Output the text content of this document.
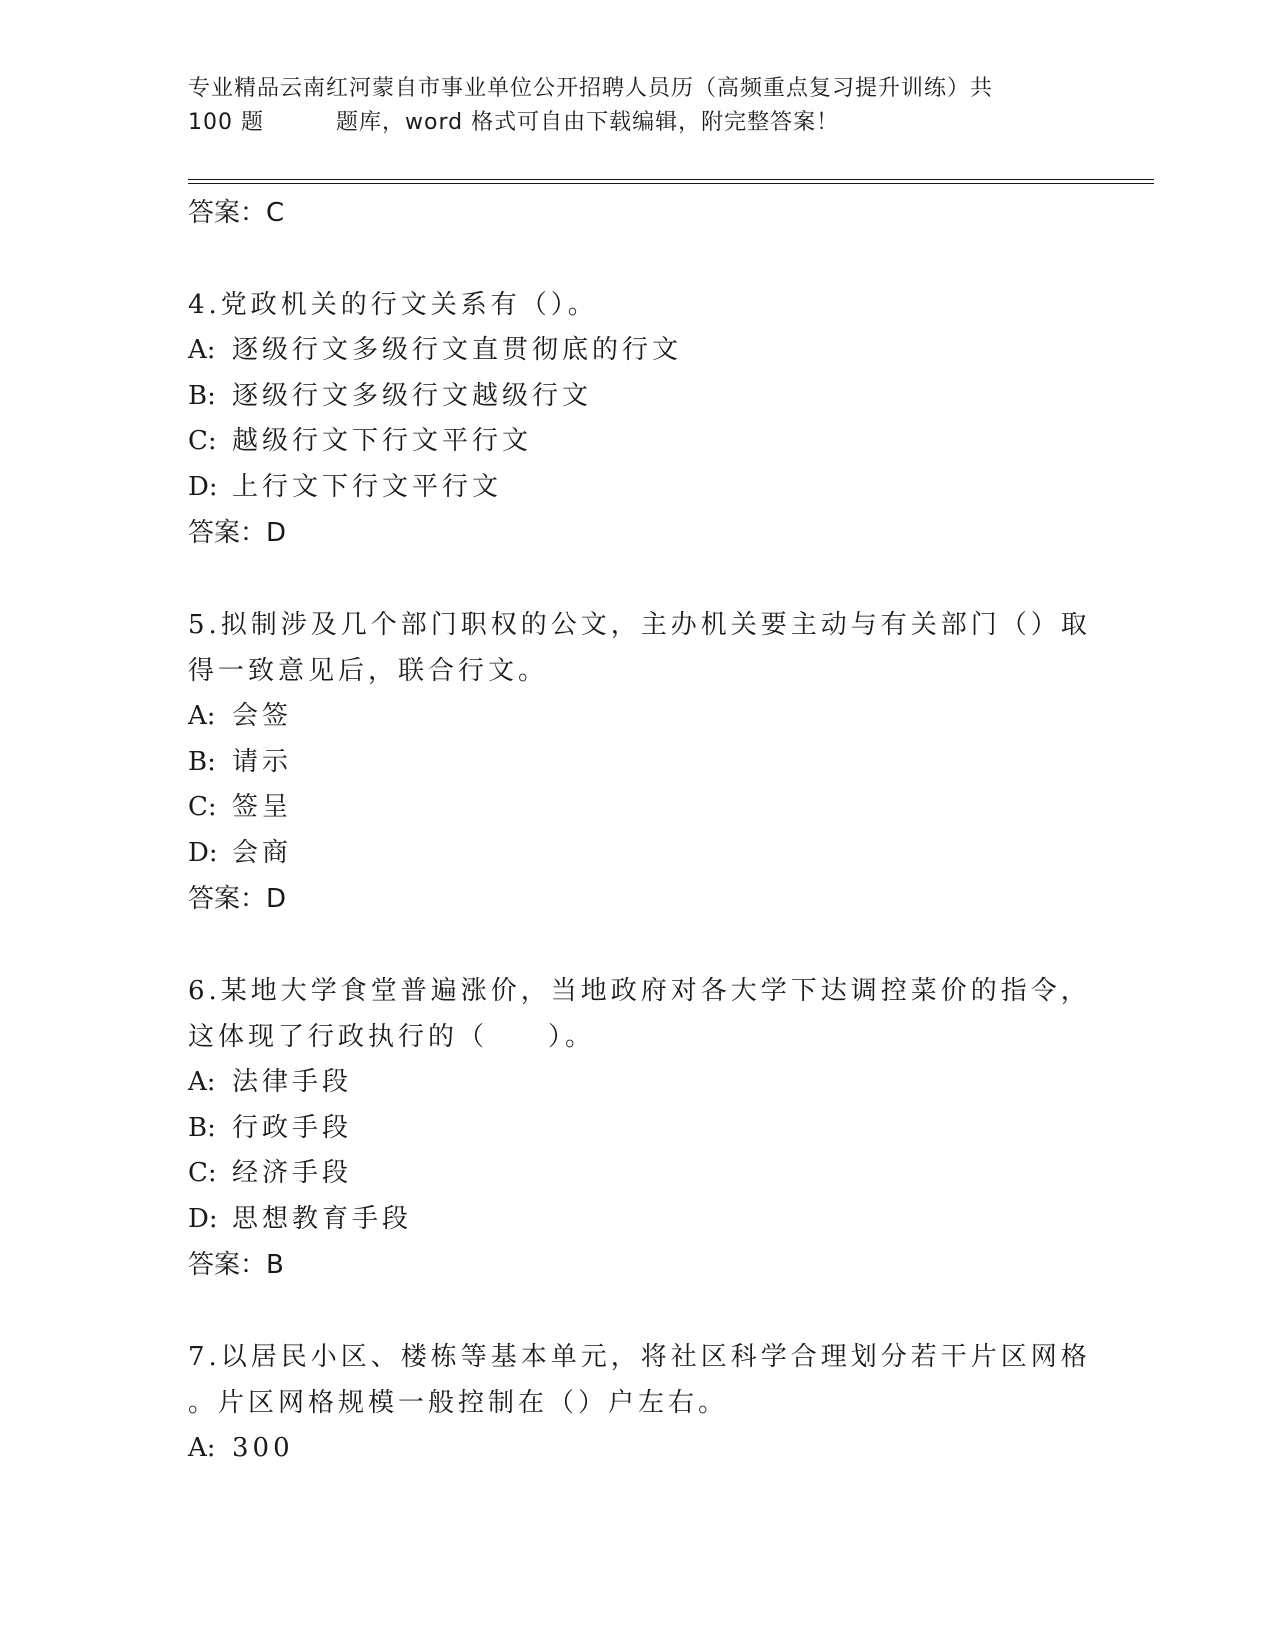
专业精品云南红河蒙自市事业单位公开招聘人员历（高频重点复习提升训练）共
100 题	题库，word 格式可自由下载编辑，附完整答案！
答案：C
4.党政机关的行文关系有（）。
A: 逐级行文多级行文直贯彻底的行文
B: 逐级行文多级行文越级行文
C: 越级行文下行文平行文
D: 上行文下行文平行文
答案：D
5.拟制涉及几个部门职权的公文，主办机关要主动与有关部门（）取
得一致意见后，联合行文。
A: 会签
B: 请示
C: 签呈
D: 会商
答案：D
6.某地大学食堂普遍涨价，当地政府对各大学下达调控菜价的指令，
这体现了行政执行的（　　）。
A: 法律手段
B: 行政手段
C: 经济手段
D: 思想教育手段
答案：B
7.以居民小区、楼栋等基本单元，将社区科学合理划分若干片区网格
。片区网格规模一般控制在（）户左右。
A: 300
